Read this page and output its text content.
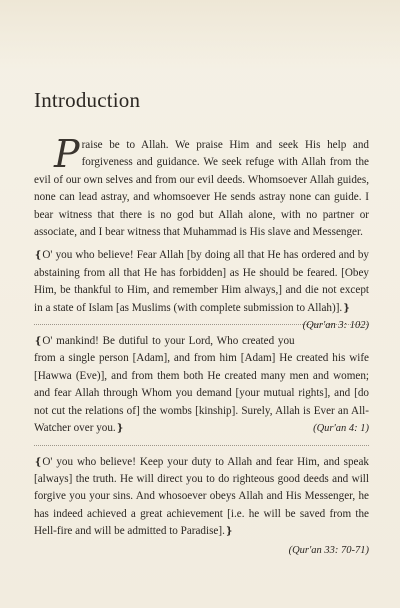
Introduction

Praise be to Allah. We praise Him and seek His help and forgiveness and guidance. We seek refuge with Allah from the evil of our own selves and from our evil deeds. Whomsoever Allah guides, none can lead astray, and whomsoever He sends astray none can guide. I bear witness that there is no god but Allah alone, with no partner or associate, and I bear witness that Muhammad is His slave and Messenger.

❴O' you who believe! Fear Allah [by doing all that He has ordered and by abstaining from all that He has forbidden] as He should be feared. [Obey Him, be thankful to Him, and remember Him always,] and die not except in a state of Islam [as Muslims (with complete submission to Allah)].❵
(Qur'an 3: 102)

❴O' mankind! Be dutiful to your Lord, Who created you from a single person [Adam], and from him [Adam] He created his wife [Hawwa (Eve)], and from them both He created many men and women; and fear Allah through Whom you demand [your mutual rights], and [do not cut the relations of] the wombs [kinship]. Surely, Allah is Ever an All-Watcher over you.❵	(Qur'an 4: 1)

❴O' you who believe! Keep your duty to Allah and fear Him, and speak [always] the truth. He will direct you to do righteous good deeds and will forgive you your sins. And whosoever obeys Allah and His Messenger, he has indeed achieved a great achievement [i.e. he will be saved from the Hell-fire and will be admitted to Paradise].❵

(Qur'an 33: 70-71)
